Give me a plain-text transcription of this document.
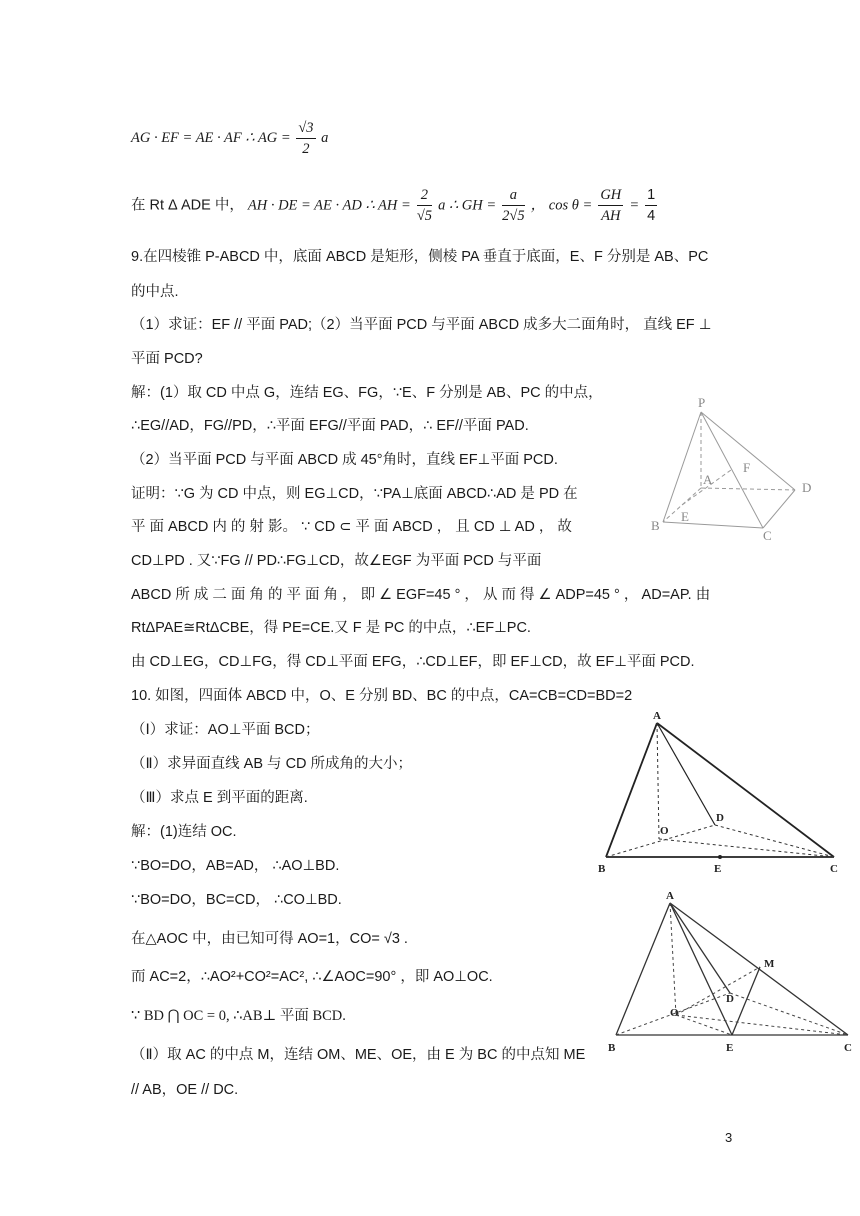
AG · EF = AE · AF ∴ AG = $\frac{√3}{2}$ a
在 Rt Δ ADE 中， AH · DE = AE · AD ∴ AH = $\frac{2}{√5}$ a ∴ GH = $\frac{a}{2√5}$ ， $\cos \theta = \frac{GH}{AH} = \frac{1}{4}$
9.在四棱锥 P-ABCD 中，底面 ABCD 是矩形，侧棱 PA 垂直于底面，E、F 分别是 AB、PC
的中点.
（1）求证：EF // 平面 PAD;（2）当平面 PCD 与平面 ABCD 成多大二面角时， 直线 EF ⊥
平面 PCD?
解：(1）取 CD 中点 G，连结 EG、FG，∵E、F 分别是 AB、PC 的中点，
∴EG//AD，FG//PD，∴平面 EFG//平面 PAD，∴ EF//平面 PAD.
（2）当平面 PCD 与平面 ABCD 成 45°角时，直线 EF⊥平面 PCD.
证明：∵G 为 CD 中点，则 EG⊥CD，∵PA⊥底面 ABCD∴AD 是 PD 在
平 面 ABCD 内 的 射 影。 ∵ CD ⊂ 平 面 ABCD ， 且 CD ⊥ AD ， 故
CD⊥PD . 又∵FG // PD∴FG⊥CD，故∠EGF 为平面 PCD 与平面
ABCD 所 成 二 面 角 的 平 面 角 ， 即 ∠ EGF=45 ° ， 从 而 得 ∠ ADP=45 ° ， AD=AP. 由
RtΔPAE≅RtΔCBE，得 PE=CE.又 F 是 PC 的中点，∴EF⊥PC.
由 CD⊥EG，CD⊥FG，得 CD⊥平面 EFG，∴CD⊥EF，即 EF⊥CD，故 EF⊥平面 PCD.
10. 如图，四面体 ABCD 中，O、E 分别 BD、BC 的中点，CA=CB=CD=BD=2
（Ⅰ）求证：AO⊥平面 BCD；
（Ⅱ）求异面直线 AB 与 CD 所成角的大小；
（Ⅲ）求点 E 到平面的距离.
解：(1)连结 OC.
∵BO=DO，AB=AD， ∴AO⊥BD.
∵BO=DO，BC=CD， ∴CO⊥BD.
在△AOC 中，由已知可得 AO=1，CO= √3 .
而 AC=2，∴AO²+CO²=AC², ∴∠AOC=90° ，即 AO⊥OC.
∵ BD ⋂ OC = 0, ∴AB⊥ 平面 BCD.
（Ⅱ）取 AC 的中点 M，连结 OM、ME、OE，由 E 为 BC 的中点知 ME
// AB，OE // DC.
P
F
A
D
B
E
C
A
D
O
B	E	C
A
M
D
O
B	E	C
3
